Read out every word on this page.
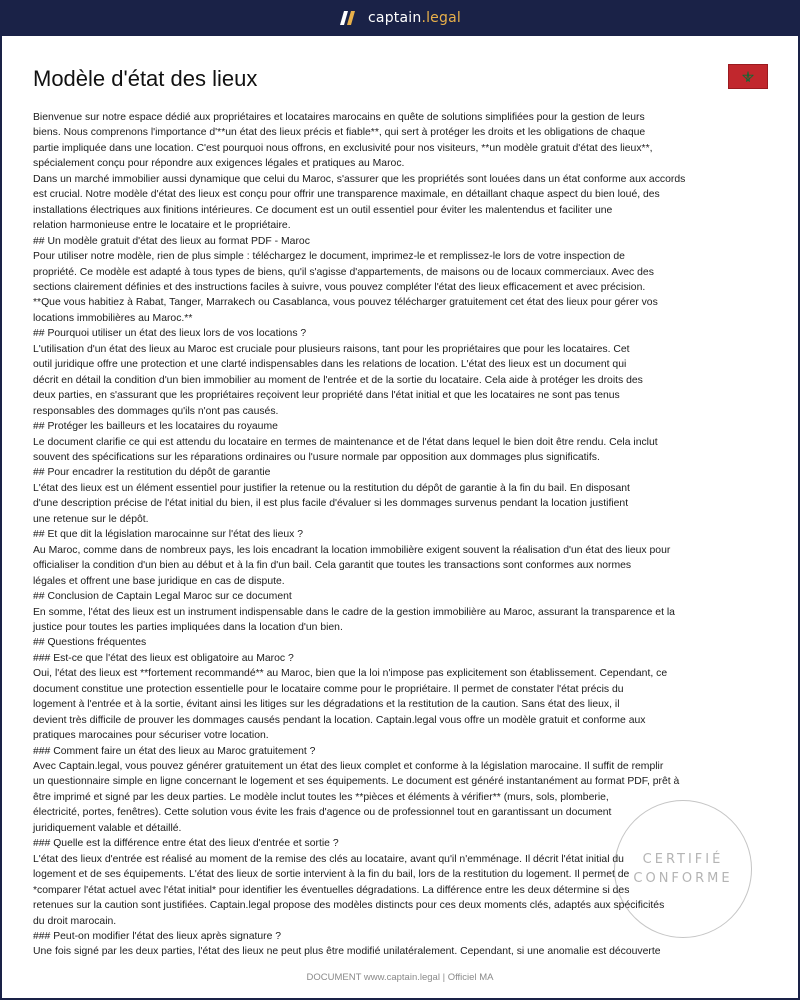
captain.legal
Modèle d'état des lieux

Bienvenue sur notre espace dédié aux propriétaires et locataires marocains en quête de solutions simplifiées pour la gestion de leurs

biens. Nous comprenons l'importance d'**un état des lieux précis et fiable**, qui sert à protéger les droits et les obligations de chaque

partie impliquée dans une location. C'est pourquoi nous offrons, en exclusivité pour nos visiteurs, **un modèle gratuit d'état des lieux**,

spécialement conçu pour répondre aux exigences légales et pratiques au Maroc.

Dans un marché immobilier aussi dynamique que celui du Maroc, s'assurer que les propriétés sont louées dans un état conforme aux accords

est crucial. Notre modèle d'état des lieux est conçu pour offrir une transparence maximale, en détaillant chaque aspect du bien loué, des

installations électriques aux finitions intérieures. Ce document est un outil essentiel pour éviter les malentendus et faciliter une

relation harmonieuse entre le locataire et le propriétaire.

## Un modèle gratuit d'état des lieux au format PDF - Maroc

Pour utiliser notre modèle, rien de plus simple : téléchargez le document, imprimez-le et remplissez-le lors de votre inspection de

propriété. Ce modèle est adapté à tous types de biens, qu'il s'agisse d'appartements, de maisons ou de locaux commerciaux. Avec des

sections clairement définies et des instructions faciles à suivre, vous pouvez compléter l'état des lieux efficacement et avec précision.

**Que vous habitiez à Rabat, Tanger, Marrakech ou Casablanca, vous pouvez télécharger gratuitement cet état des lieux pour gérer vos

locations immobilières au Maroc.**

## Pourquoi utiliser un état des lieux lors de vos locations ?

L'utilisation d'un état des lieux au Maroc est cruciale pour plusieurs raisons, tant pour les propriétaires que pour les locataires. Cet

outil juridique offre une protection et une clarté indispensables dans les relations de location. L'état des lieux est un document qui

décrit en détail la condition d'un bien immobilier au moment de l'entrée et de la sortie du locataire. Cela aide à protéger les droits des

deux parties, en s'assurant que les propriétaires reçoivent leur propriété dans l'état initial et que les locataires ne sont pas tenus

responsables des dommages qu'ils n'ont pas causés.

## Protéger les bailleurs et les locataires du royaume

Le document clarifie ce qui est attendu du locataire en termes de maintenance et de l'état dans lequel le bien doit être rendu. Cela inclut

souvent des spécifications sur les réparations ordinaires ou l'usure normale par opposition aux dommages plus significatifs.

## Pour encadrer la restitution du dépôt de garantie

L'état des lieux est un élément essentiel pour justifier la retenue ou la restitution du dépôt de garantie à la fin du bail. En disposant

d'une description précise de l'état initial du bien, il est plus facile d'évaluer si les dommages survenus pendant la location justifient

une retenue sur le dépôt.

## Et que dit la législation marocainne sur l'état des lieux ?

Au Maroc, comme dans de nombreux pays, les lois encadrant la location immobilière exigent souvent la réalisation d'un état des lieux pour

officialiser la condition d'un bien au début et à la fin d'un bail. Cela garantit que toutes les transactions sont conformes aux normes

légales et offrent une base juridique en cas de dispute.

## Conclusion de Captain Legal Maroc sur ce document

En somme, l'état des lieux est un instrument indispensable dans le cadre de la gestion immobilière au Maroc, assurant la transparence et la

justice pour toutes les parties impliquées dans la location d'un bien.

## Questions fréquentes

### Est-ce que l'état des lieux est obligatoire au Maroc ?

Oui, l'état des lieux est **fortement recommandé** au Maroc, bien que la loi n'impose pas explicitement son établissement. Cependant, ce

document constitue une protection essentielle pour le locataire comme pour le propriétaire. Il permet de constater l'état précis du

logement à l'entrée et à la sortie, évitant ainsi les litiges sur les dégradations et la restitution de la caution. Sans état des lieux, il

devient très difficile de prouver les dommages causés pendant la location. Captain.legal vous offre un modèle gratuit et conforme aux

pratiques marocaines pour sécuriser votre location.

### Comment faire un état des lieux au Maroc gratuitement ?

Avec Captain.legal, vous pouvez générer gratuitement un état des lieux complet et conforme à la législation marocaine. Il suffit de remplir

un questionnaire simple en ligne concernant le logement et ses équipements. Le document est généré instantanément au format PDF, prêt à

être imprimé et signé par les deux parties. Le modèle inclut toutes les **pièces et éléments à vérifier** (murs, sols, plomberie,

électricité, portes, fenêtres). Cette solution vous évite les frais d'agence ou de professionnel tout en garantissant un document

juridiquement valable et détaillé.

### Quelle est la différence entre état des lieux d'entrée et sortie ?

L'état des lieux d'entrée est réalisé au moment de la remise des clés au locataire, avant qu'il n'emménage. Il décrit l'état initial du

logement et de ses équipements. L'état des lieux de sortie intervient à la fin du bail, lors de la restitution du logement. Il permet de

*comparer l'état actuel avec l'état initial* pour identifier les éventuelles dégradations. La différence entre les deux détermine si des

retenues sur la caution sont justifiées. Captain.legal propose des modèles distincts pour ces deux moments clés, adaptés aux spécificités

du droit marocain.

### Peut-on modifier l'état des lieux après signature ?

Une fois signé par les deux parties, l'état des lieux ne peut plus être modifié unilatéralement. Cependant, si une anomalie est découverte

CERTIFIÉ
CONFORME
DOCUMENT www.captain.legal | Officiel MA
